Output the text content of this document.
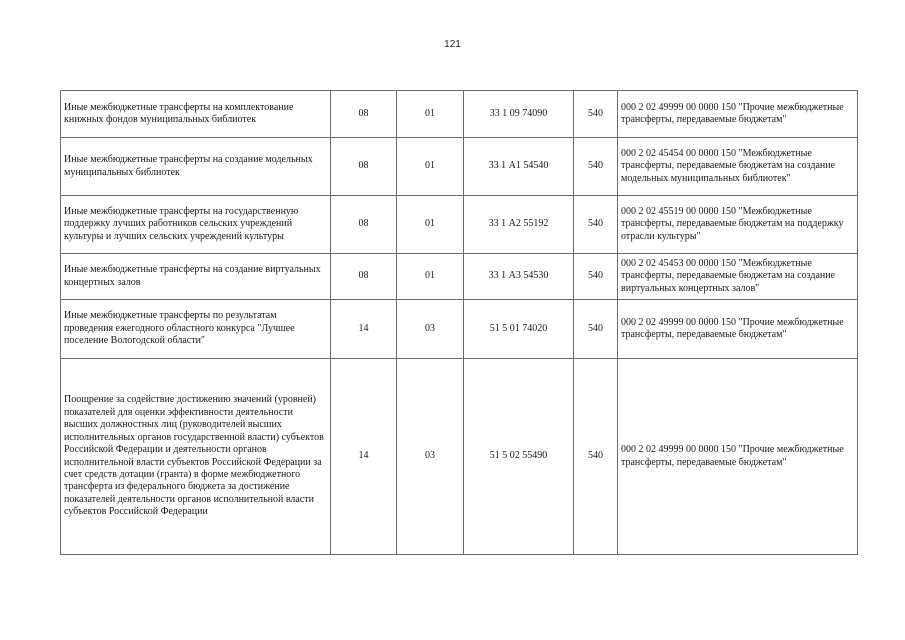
121
Иные межбюджетные трансферты на комплектование книжных фондов муниципальных библиотек	08	01	33 1 09 74090	540	000 2 02 49999 00 0000 150 "Прочие межбюджетные трансферты, передаваемые бюджетам"
Иные межбюджетные трансферты на создание модельных муниципальных библиотек	08	01	33 1 А1 54540	540	000 2 02 45454 00 0000 150 "Межбюджетные трансферты, передаваемые бюджетам на создание модельных муниципальных библиотек"
Иные межбюджетные трансферты на государственную поддержку лучших работников сельских учреждений культуры и лучших сельских учреждений культуры	08	01	33 1 А2 55192	540	000 2 02 45519 00 0000 150 "Межбюджетные трансферты, передаваемые бюджетам на поддержку отрасли культуры"
Иные межбюджетные трансферты на создание виртуальных концертных залов	08	01	33 1 А3 54530	540	000 2 02 45453 00 0000 150 "Межбюджетные трансферты, передаваемые бюджетам на создание виртуальных концертных залов"
Иные межбюджетные трансферты по результатам проведения ежегодного областного конкурса "Лучшее поселение Вологодской области"	14	03	51 5 01 74020	540	000 2 02 49999 00 0000 150 "Прочие межбюджетные трансферты, передаваемые бюджетам"
Поощрение за содействие достижению значений (уровней) показателей для оценки эффективности деятельности высших должностных лиц (руководителей высших исполнительных органов государственной власти) субъектов Российской Федерации и деятельности органов исполнительной власти субъектов Российской Федерации за счет средств дотации (гранта) в форме межбюджетного трансферта из федерального бюджета за достижение показателей деятельности органов исполнительной власти субъектов Российской Федерации	14	03	51 5 02 55490	540	000 2 02 49999 00 0000 150 "Прочие межбюджетные трансферты, передаваемые бюджетам"
